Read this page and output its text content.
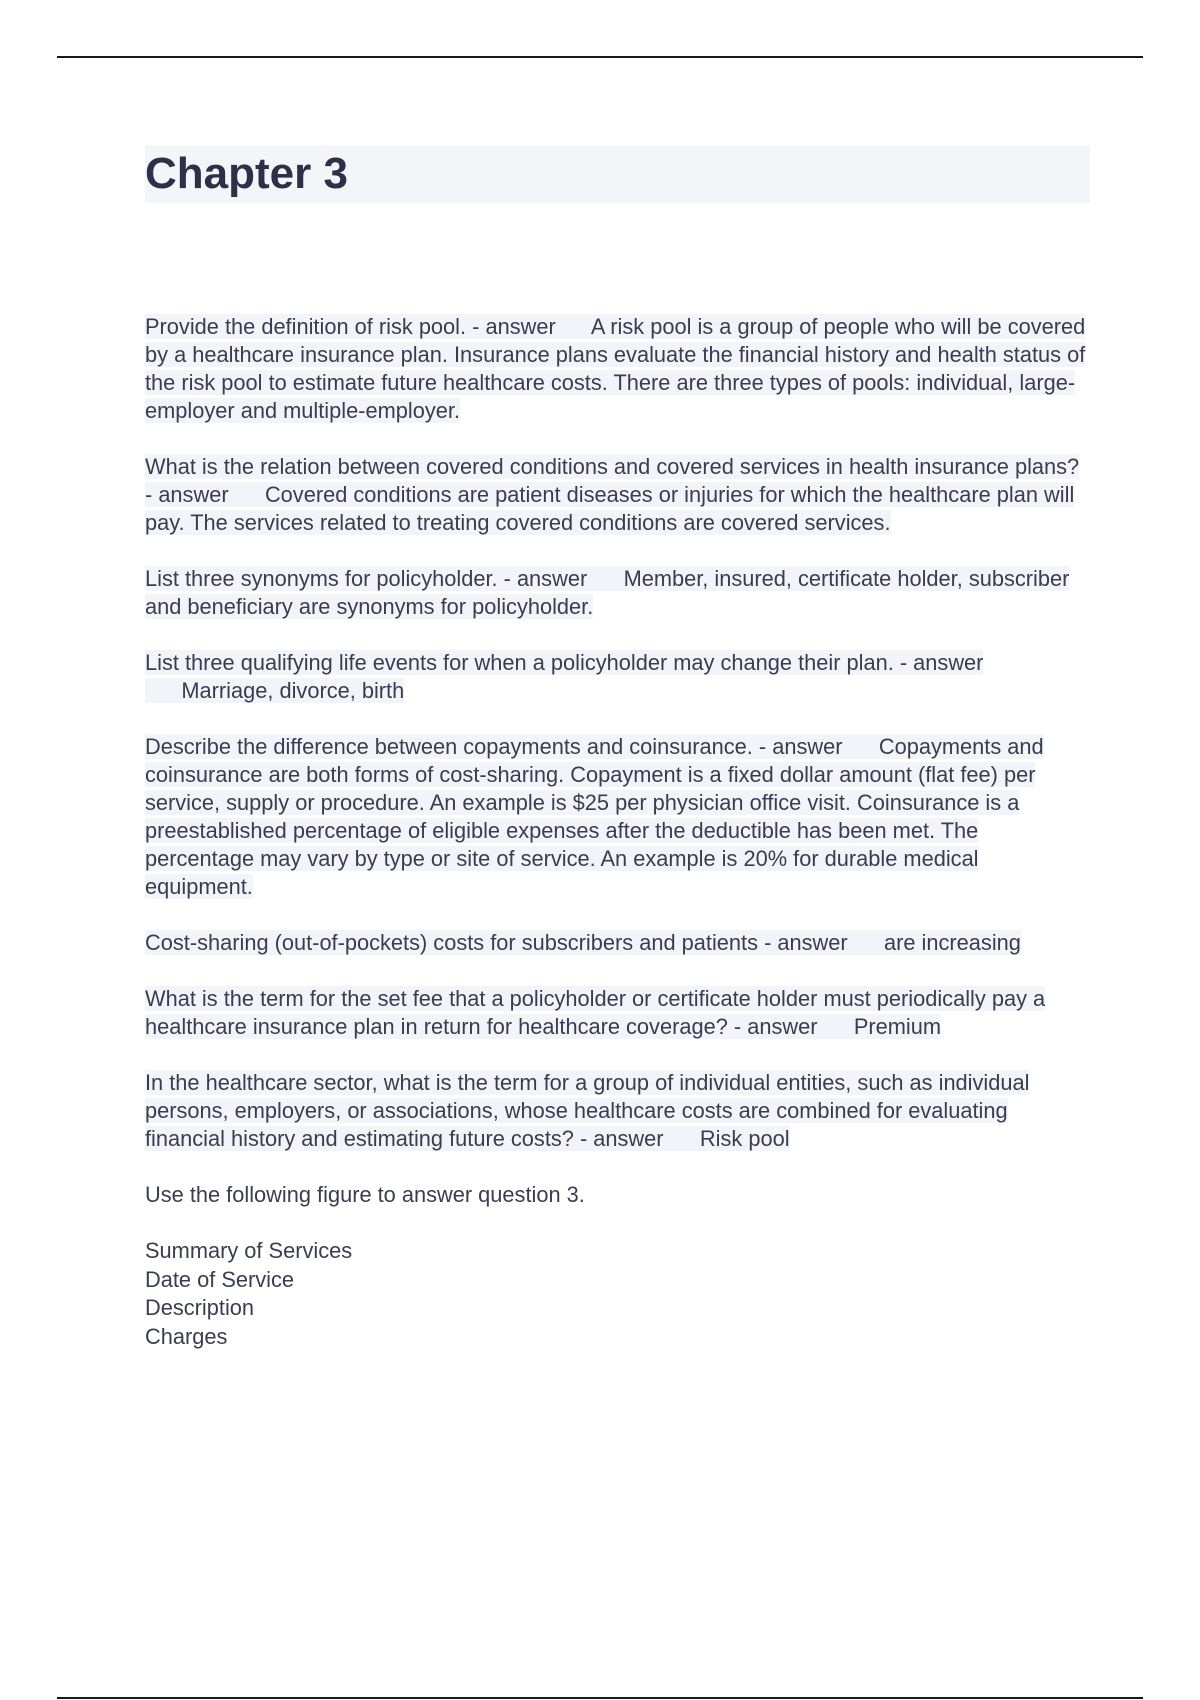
Chapter 3

Provide the definition of risk pool. - answer A risk pool is a group of people who will be covered by a healthcare insurance plan. Insurance plans evaluate the financial history and health status of the risk pool to estimate future healthcare costs. There are three types of pools: individual, large-employer and multiple-employer.

What is the relation between covered conditions and covered services in health insurance plans? - answer Covered conditions are patient diseases or injuries for which the healthcare plan will pay. The services related to treating covered conditions are covered services.

List three synonyms for policyholder. - answer Member, insured, certificate holder, subscriber and beneficiary are synonyms for policyholder.

List three qualifying life events for when a policyholder may change their plan. - answer      Marriage, divorce, birth

Describe the difference between copayments and coinsurance. - answer Copayments and coinsurance are both forms of cost-sharing. Copayment is a fixed dollar amount (flat fee) per service, supply or procedure. An example is $25 per physician office visit. Coinsurance is a preestablished percentage of eligible expenses after the deductible has been met. The percentage may vary by type or site of service. An example is 20% for durable medical equipment.

Cost-sharing (out-of-pockets) costs for subscribers and patients - answer are increasing

What is the term for the set fee that a policyholder or certificate holder must periodically pay a healthcare insurance plan in return for healthcare coverage? - answer Premium

In the healthcare sector, what is the term for a group of individual entities, such as individual persons, employers, or associations, whose healthcare costs are combined for evaluating financial history and estimating future costs? - answer Risk pool

Use the following figure to answer question 3.

Summary of Services
Date of Service
Description
Charges
